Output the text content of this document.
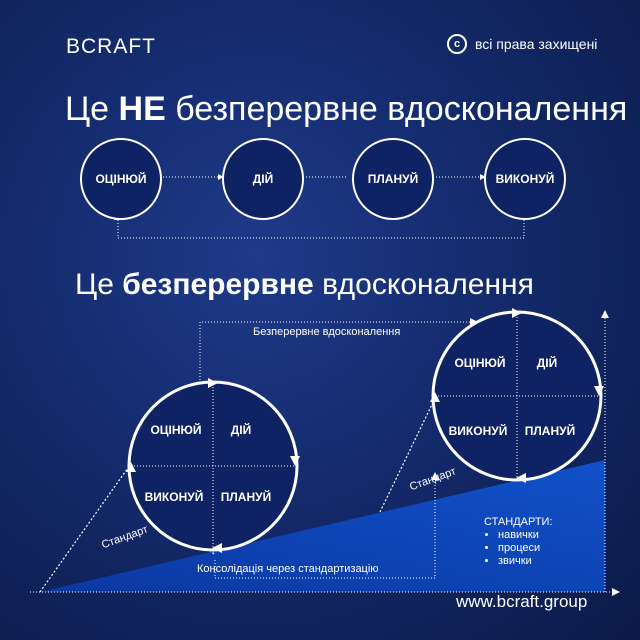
BCRAFT	c	всі права захищені
Це НЕ безперервне вдосконалення
ОЦІНЮЙ	ДІЙ	ПЛАНУЙ	ВИКОНУЙ
Це безперервне вдосконалення
Безперервне вдосконалення
Консолідація через стандартизацію
ОЦІНЮЙ	ДІЙ
ВИКОНУЙ	ПЛАНУЙ
ОЦІНЮЙ	ДІЙ
ВИКОНУЙ	ПЛАНУЙ
Стандарт
Стандарт
СТАНДАРТИ:
• навички
• процеси
• звички
www.bcraft.group
